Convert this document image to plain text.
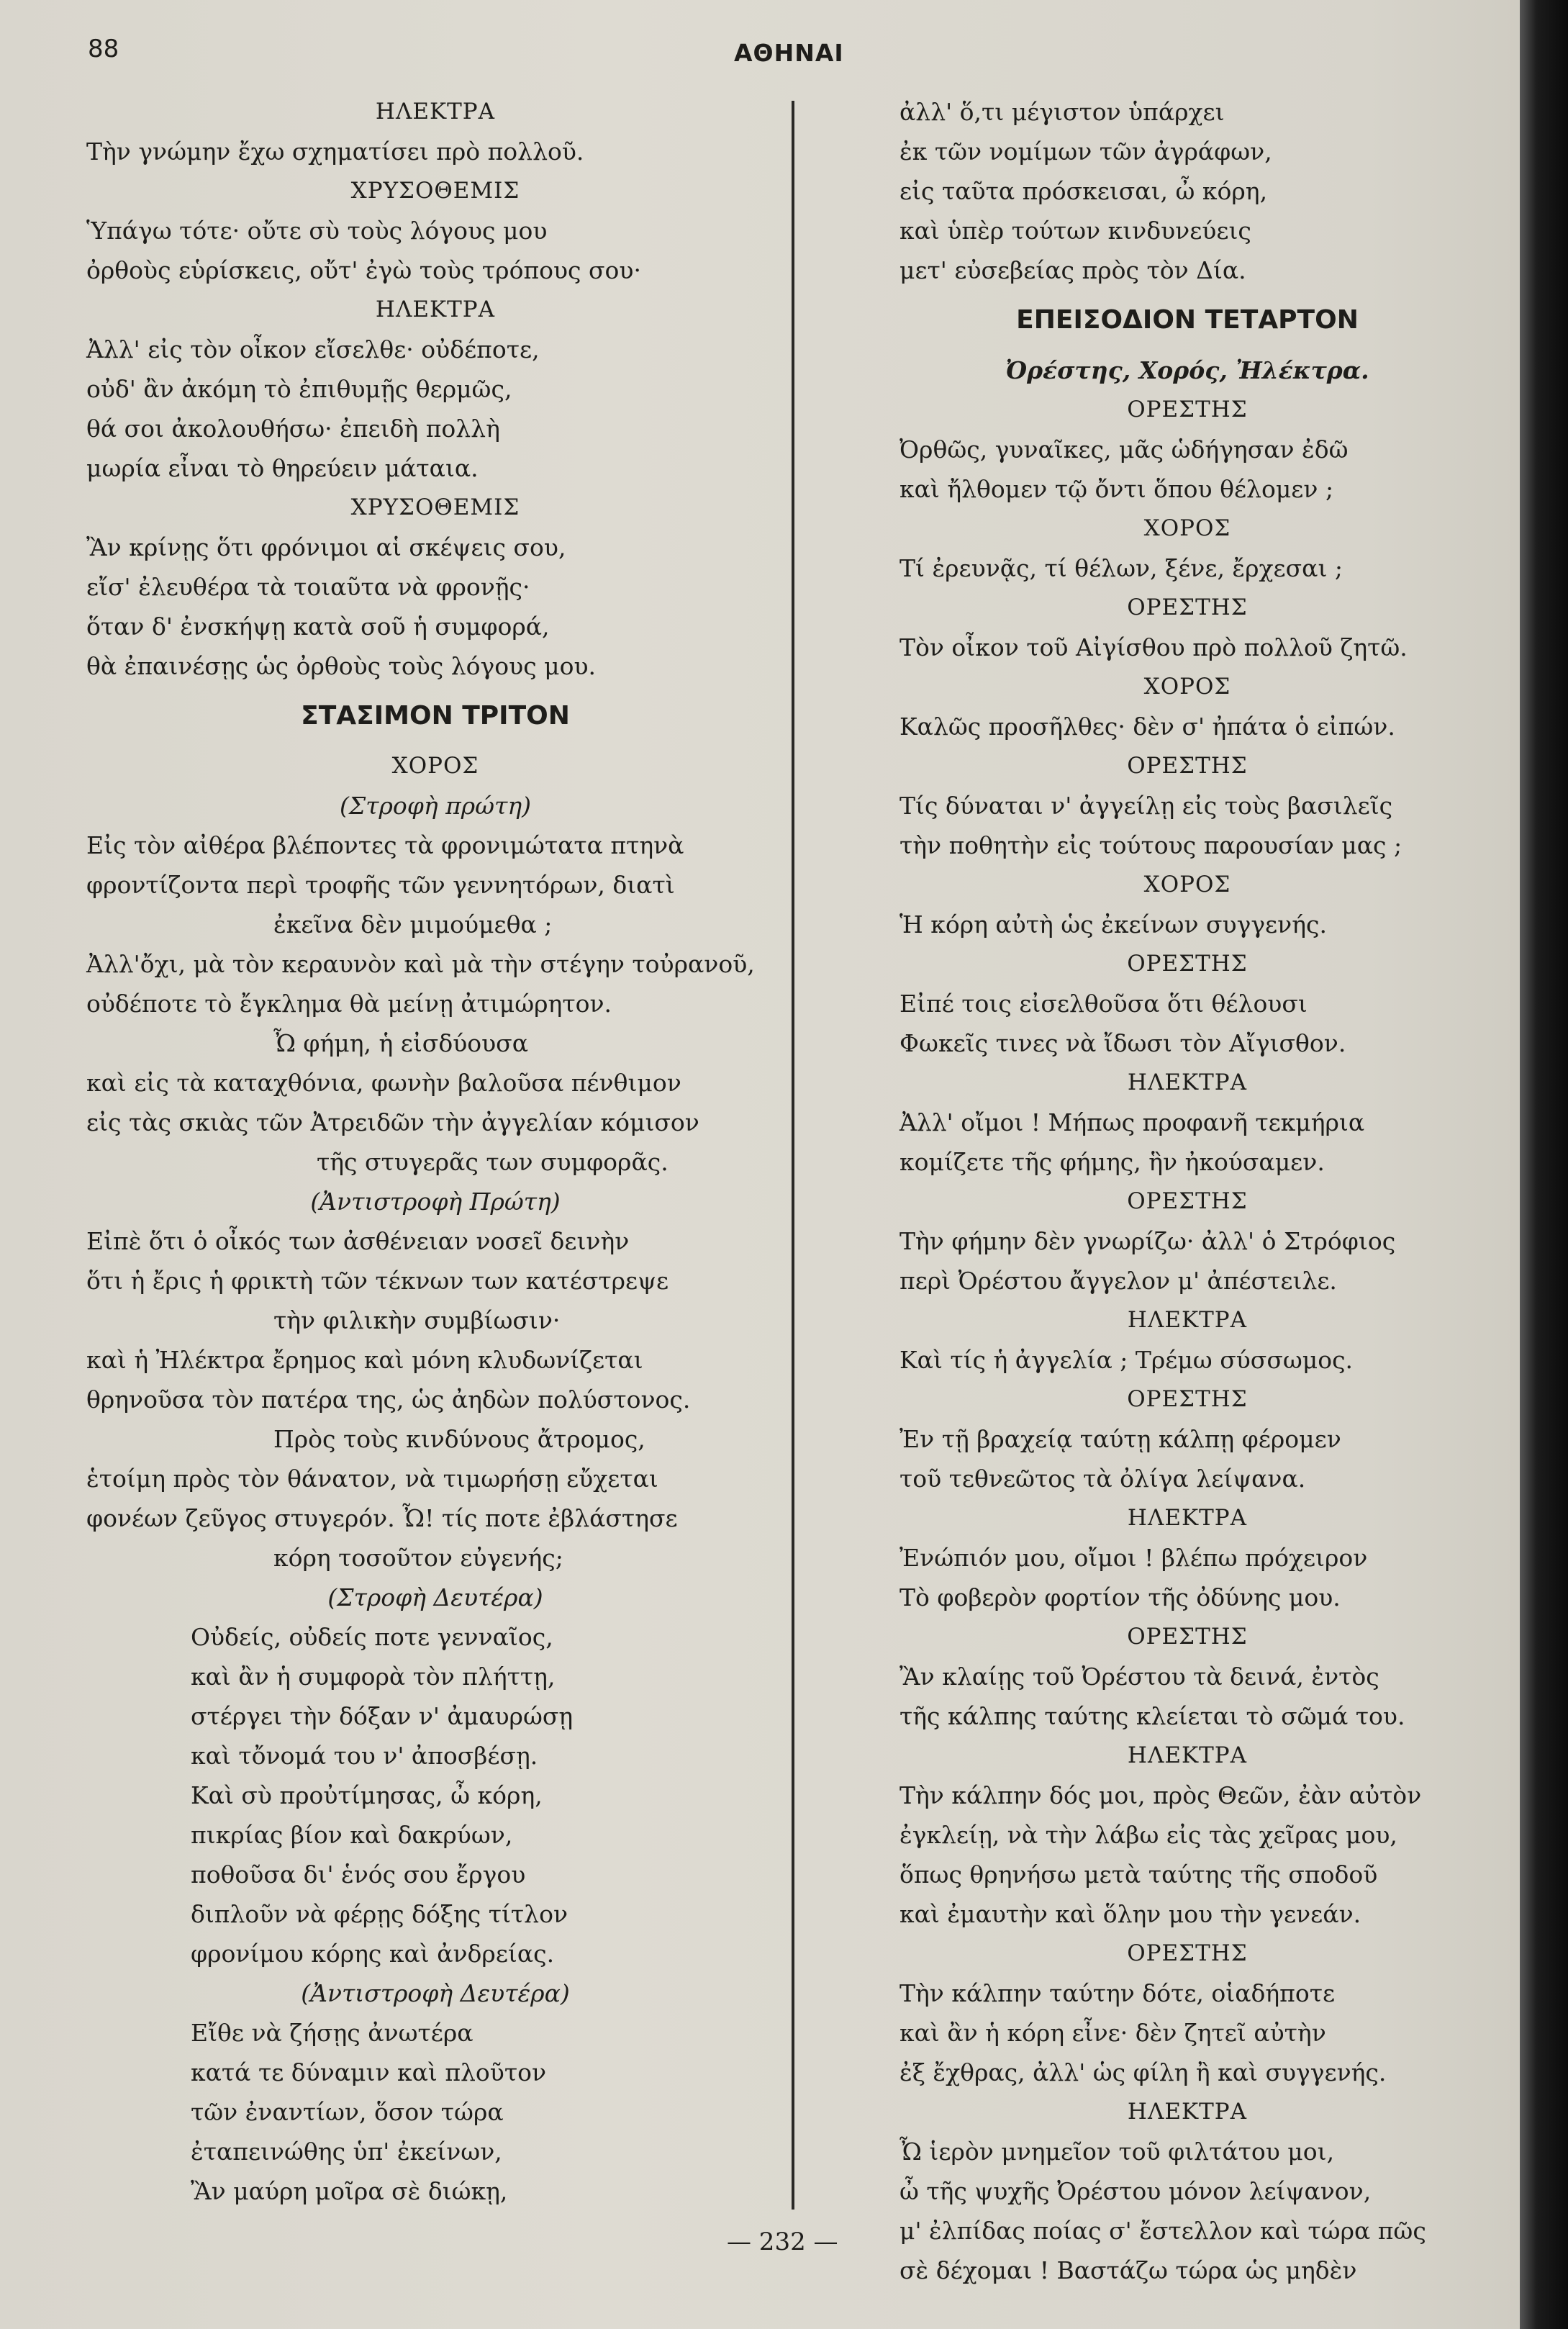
88	ΑΘΗΝΑΙ
ΗΛΕΚΤΡΑ
Τὴν γνώμην ἔχω σχηματίσει πρὸ πολλοῦ.
ΧΡΥΣΟΘΕΜΙΣ
Ὑπάγω τότε· οὔτε σὺ τοὺς λόγους μου
ὀρθοὺς εὑρίσκεις, οὔτ' ἐγὼ τοὺς τρόπους σου·
ΗΛΕΚΤΡΑ
Ἀλλ' εἰς τὸν οἶκον εἴσελθε· οὐδέποτε,
οὐδ' ἂν ἀκόμη τὸ ἐπιθυμῇς θερμῶς,
θά σοι ἀκολουθήσω· ἐπειδὴ πολλὴ
μωρία εἶναι τὸ θηρεύειν μάταια.
ΧΡΥΣΟΘΕΜΙΣ
Ἂν κρίνῃς ὅτι φρόνιμοι αἱ σκέψεις σου,
εἴσ' ἐλευθέρα τὰ τοιαῦτα νὰ φρονῇς·
ὅταν δ' ἐνσκήψῃ κατὰ σοῦ ἡ συμφορά,
θὰ ἐπαινέσῃς ὡς ὀρθοὺς τοὺς λόγους μου.
ΣΤΑΣΙΜΟΝ ΤΡΙΤΟΝ
ΧΟΡΟΣ
(Στροφὴ πρώτη)
Εἰς τὸν αἰθέρα βλέποντες τὰ φρονιμώτατα πτηνὰ
φροντίζοντα περὶ τροφῆς τῶν γεννητόρων, διατὶ
ἐκεῖνα δὲν μιμούμεθα ;
Ἀλλ'ὄχι, μὰ τὸν κεραυνὸν καὶ μὰ τὴν στέγην τοὐρανοῦ,
οὐδέποτε τὸ ἔγκλημα θὰ μείνῃ ἀτιμώρητον.
Ὦ φήμη, ἡ εἰσδύουσα
καὶ εἰς τὰ καταχθόνια, φωνὴν βαλοῦσα πένθιμον
εἰς τὰς σκιὰς τῶν Ἀτρειδῶν τὴν ἀγγελίαν κόμισον
τῆς στυγερᾶς των συμφορᾶς.
(Ἀντιστροφὴ Πρώτη)
Εἰπὲ ὅτι ὁ οἶκός των ἀσθένειαν νοσεῖ δεινὴν
ὅτι ἡ ἔρις ἡ φρικτὴ τῶν τέκνων των κατέστρεψε
τὴν φιλικὴν συμβίωσιν·
καὶ ἡ Ἠλέκτρα ἔρημος καὶ μόνη κλυδωνίζεται
θρηνοῦσα τὸν πατέρα της, ὡς ἀηδὼν πολύστονος.
Πρὸς τοὺς κινδύνους ἄτρομος,
ἑτοίμη πρὸς τὸν θάνατον, νὰ τιμωρήσῃ εὔχεται
φονέων ζεῦγος στυγερόν. Ὦ! τίς ποτε ἐβλάστησε
κόρη τοσοῦτον εὐγενής;
(Στροφὴ Δευτέρα)
Οὐδείς, οὐδείς ποτε γενναῖος,
καὶ ἂν ἡ συμφορὰ τὸν πλήττῃ,
στέργει τὴν δόξαν ν' ἀμαυρώσῃ
καὶ τὄνομά του ν' ἀποσβέσῃ.
Καὶ σὺ προὐτίμησας, ὦ κόρη,
πικρίας βίον καὶ δακρύων,
ποθοῦσα δι' ἑνός σου ἔργου
διπλοῦν νὰ φέρῃς δόξης τίτλον
φρονίμου κόρης καὶ ἀνδρείας.
(Ἀντιστροφὴ Δευτέρα)
Εἴθε νὰ ζήσῃς ἀνωτέρα
κατά τε δύναμιν καὶ πλοῦτον
τῶν ἐναντίων, ὅσον τώρα
ἐταπεινώθης ὑπ' ἐκείνων,
Ἂν μαύρη μοῖρα σὲ διώκῃ,
ἀλλ' ὅ,τι μέγιστον ὑπάρχει
ἐκ τῶν νομίμων τῶν ἀγράφων,
εἰς ταῦτα πρόσκεισαι, ὦ κόρη,
καὶ ὑπὲρ τούτων κινδυνεύεις
μετ' εὐσεβείας πρὸς τὸν Δία.
ΕΠΕΙΣΟΔΙΟΝ ΤΕΤΑΡΤΟΝ
Ὀρέστης, Χορός, Ἠλέκτρα.
ΟΡΕΣΤΗΣ
Ὀρθῶς, γυναῖκες, μᾶς ὡδήγησαν ἐδῶ
καὶ ἤλθομεν τῷ ὄντι ὅπου θέλομεν ;
ΧΟΡΟΣ
Τί ἐρευνᾷς, τί θέλων, ξένε, ἔρχεσαι ;
ΟΡΕΣΤΗΣ
Τὸν οἶκον τοῦ Αἰγίσθου πρὸ πολλοῦ ζητῶ.
ΧΟΡΟΣ
Καλῶς προσῆλθες· δὲν σ' ἠπάτα ὁ εἰπών.
ΟΡΕΣΤΗΣ
Τίς δύναται ν' ἀγγείλῃ εἰς τοὺς βασιλεῖς
τὴν ποθητὴν εἰς τούτους παρουσίαν μας ;
ΧΟΡΟΣ
Ἡ κόρη αὐτὴ ὡς ἐκείνων συγγενής.
ΟΡΕΣΤΗΣ
Εἰπέ τοις εἰσελθοῦσα ὅτι θέλουσι
Φωκεῖς τινες νὰ ἴδωσι τὸν Αἴγισθον.
ΗΛΕΚΤΡΑ
Ἀλλ' οἴμοι ! Μήπως προφανῆ τεκμήρια
κομίζετε τῆς φήμης, ἣν ἠκούσαμεν.
ΟΡΕΣΤΗΣ
Τὴν φήμην δὲν γνωρίζω· ἀλλ' ὁ Στρόφιος
περὶ Ὀρέστου ἄγγελον μ' ἀπέστειλε.
ΗΛΕΚΤΡΑ
Καὶ τίς ἡ ἀγγελία ; Τρέμω σύσσωμος.
ΟΡΕΣΤΗΣ
Ἐν τῇ βραχείᾳ ταύτῃ κάλπῃ φέρομεν
τοῦ τεθνεῶτος τὰ ὀλίγα λείψανα.
ΗΛΕΚΤΡΑ
Ἐνώπιόν μου, οἴμοι ! βλέπω πρόχειρον
Τὸ φοβερὸν φορτίον τῆς ὀδύνης μου.
ΟΡΕΣΤΗΣ
Ἂν κλαίῃς τοῦ Ὀρέστου τὰ δεινά, ἐντὸς
τῆς κάλπης ταύτης κλείεται τὸ σῶμά του.
ΗΛΕΚΤΡΑ
Τὴν κάλπην δός μοι, πρὸς Θεῶν, ἐὰν αὐτὸν
ἐγκλείῃ, νὰ τὴν λάβω εἰς τὰς χεῖρας μου,
ὅπως θρηνήσω μετὰ ταύτης τῆς σποδοῦ
καὶ ἐμαυτὴν καὶ ὅλην μου τὴν γενεάν.
ΟΡΕΣΤΗΣ
Τὴν κάλπην ταύτην δότε, οἱαδήποτε
καὶ ἂν ἡ κόρη εἶνε· δὲν ζητεῖ αὐτὴν
ἐξ ἔχθρας, ἀλλ' ὡς φίλη ἢ καὶ συγγενής.
ΗΛΕΚΤΡΑ
Ὦ ἱερὸν μνημεῖον τοῦ φιλτάτου μοι,
ὦ τῆς ψυχῆς Ὀρέστου μόνον λείψανον,
μ' ἐλπίδας ποίας σ' ἔστελλον καὶ τώρα πῶς
σὲ δέχομαι ! Βαστάζω τώρα ὡς μηδὲν
— 232 —
